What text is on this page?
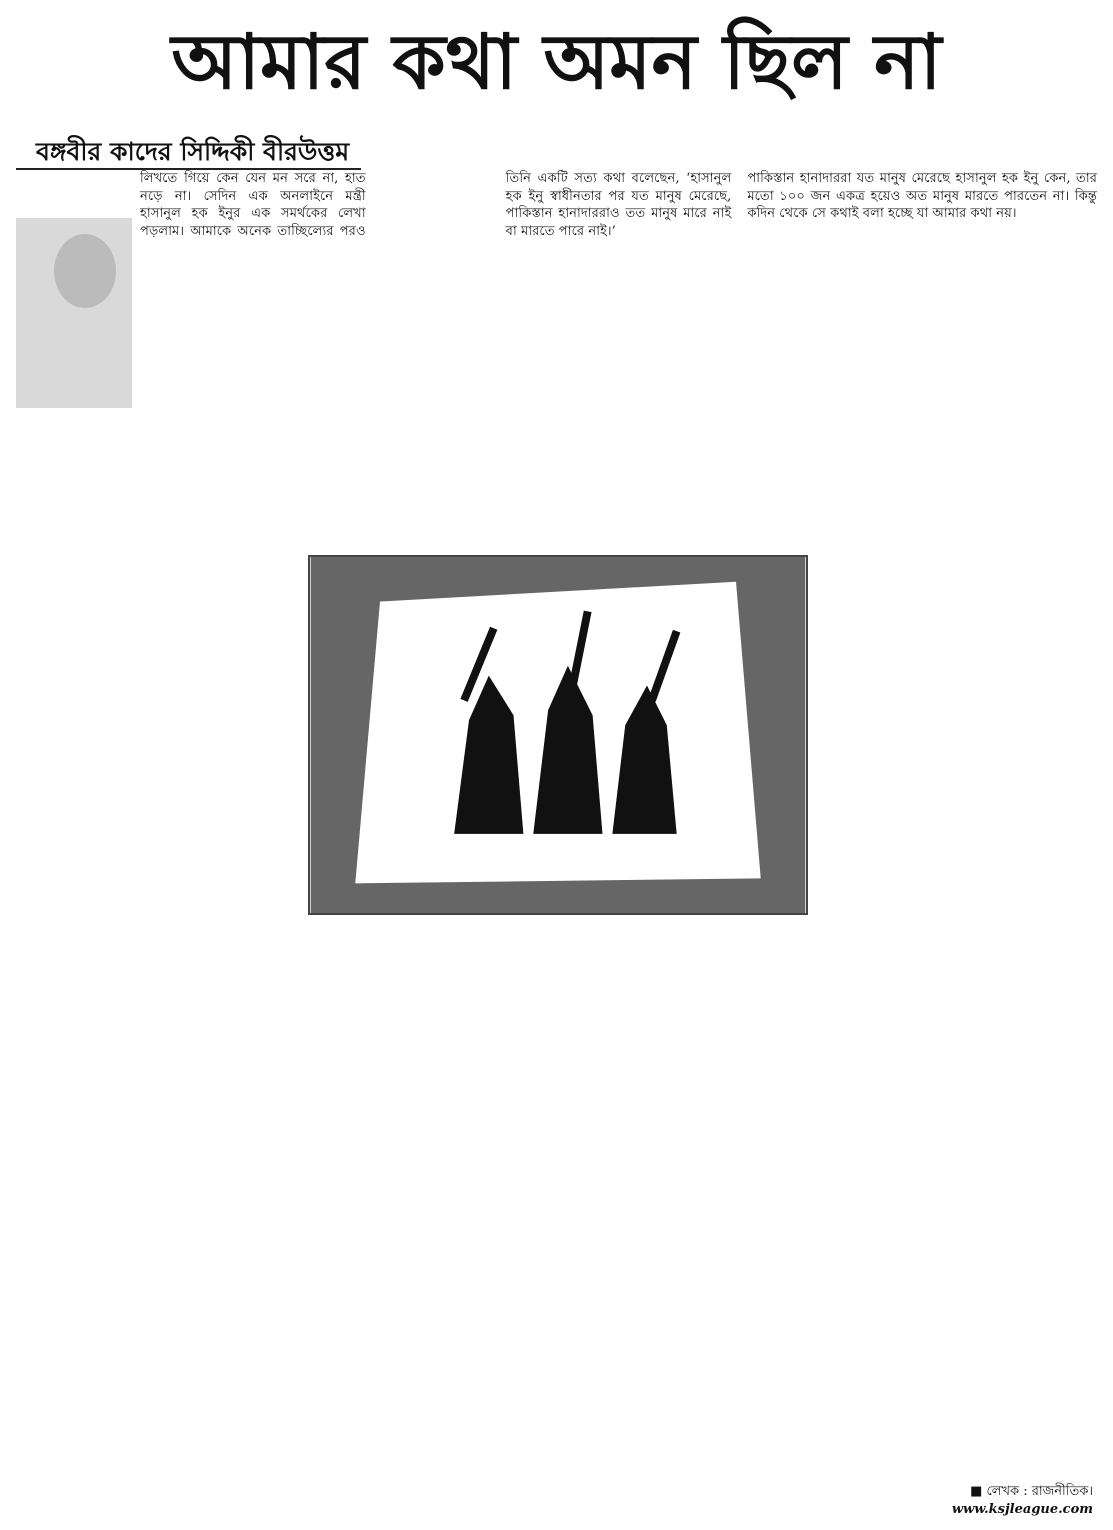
আমার কথা অমন ছিল না
বঙ্গবীর কাদের সিদ্দিকী বীরউত্তম

লিখতে গিয়ে কেন যেন মন সরে না, হাত নড়ে না। সেদিন এক অনলাইনে মন্ত্রী হাসানুল হক ইনুর এক সমর্থকের লেখা পড়লাম। আমাকে অনেক তাচ্ছিল্যের পরও তিনি একটি সত্য কথা বলেছেন, ‘হাসানুল হক ইনু স্বাধীনতার পর যত মানুষ মেরেছে, পাকিস্তান হানাদাররাও তত মানুষ মারে নাই বা মারতে পারে নাই।’

পাকিস্তান হানাদাররা যত মানুষ মেরেছে হাসানুল হক ইনু কেন, তার মতো ১০০ জন একত্র হয়েও অত মানুষ মারতে পারতেন না। কিন্তু কদিন থেকে সে কথাই বলা হচ্ছে যা আমার কথা নয়।

■ লেখক : রাজনীতিক।
www.ksjleague.com
